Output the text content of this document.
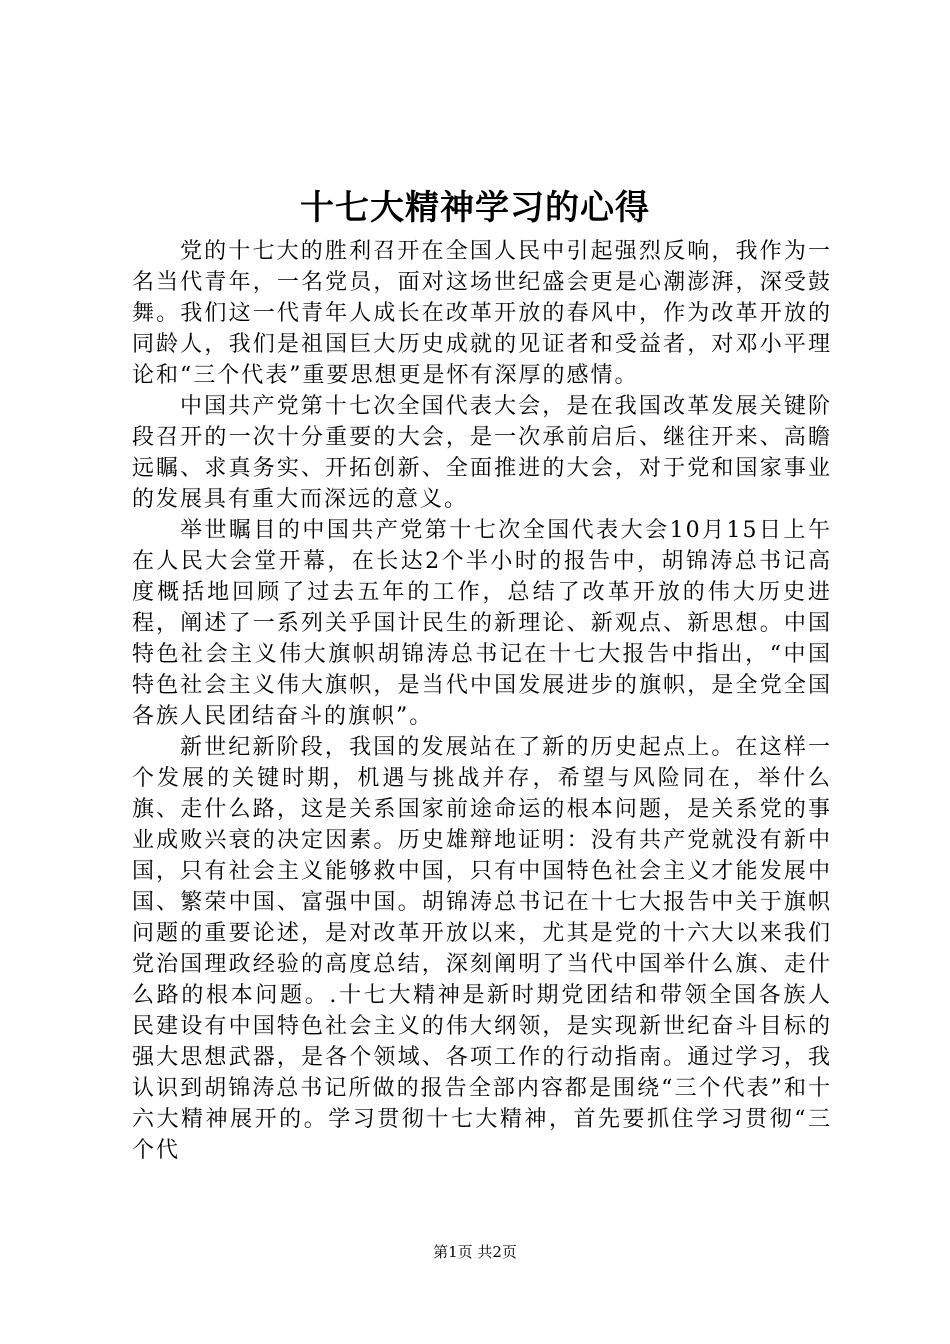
十七大精神学习的心得

党的十七大的胜利召开在全国人民中引起强烈反响，我作为一名当代青年，一名党员，面对这场世纪盛会更是心潮澎湃，深受鼓舞。我们这一代青年人成长在改革开放的春风中，作为改革开放的同龄人，我们是祖国巨大历史成就的见证者和受益者，对邓小平理论和“三个代表”重要思想更是怀有深厚的感情。

中国共产党第十七次全国代表大会，是在我国改革发展关键阶段召开的一次十分重要的大会，是一次承前启后、继往开来、高瞻远瞩、求真务实、开拓创新、全面推进的大会，对于党和国家事业的发展具有重大而深远的意义。

举世瞩目的中国共产党第十七次全国代表大会10月15日上午在人民大会堂开幕，在长达2个半小时的报告中，胡锦涛总书记高度概括地回顾了过去五年的工作，总结了改革开放的伟大历史进程，阐述了一系列关乎国计民生的新理论、新观点、新思想。中国特色社会主义伟大旗帜胡锦涛总书记在十七大报告中指出，“中国特色社会主义伟大旗帜，是当代中国发展进步的旗帜，是全党全国各族人民团结奋斗的旗帜”。

新世纪新阶段，我国的发展站在了新的历史起点上。在这样一个发展的关键时期，机遇与挑战并存，希望与风险同在，举什么旗、走什么路，这是关系国家前途命运的根本问题，是关系党的事业成败兴衰的决定因素。历史雄辩地证明：没有共产党就没有新中国，只有社会主义能够救中国，只有中国特色社会主义才能发展中国、繁荣中国、富强中国。胡锦涛总书记在十七大报告中关于旗帜问题的重要论述，是对改革开放以来，尤其是党的十六大以来我们党治国理政经验的高度总结，深刻阐明了当代中国举什么旗、走什么路的根本问题。.十七大精神是新时期党团结和带领全国各族人民建设有中国特色社会主义的伟大纲领，是实现新世纪奋斗目标的强大思想武器，是各个领域、各项工作的行动指南。通过学习，我认识到胡锦涛总书记所做的报告全部内容都是围绕“三个代表”和十六大精神展开的。学习贯彻十七大精神，首先要抓住学习贯彻“三个代

第1页 共2页
